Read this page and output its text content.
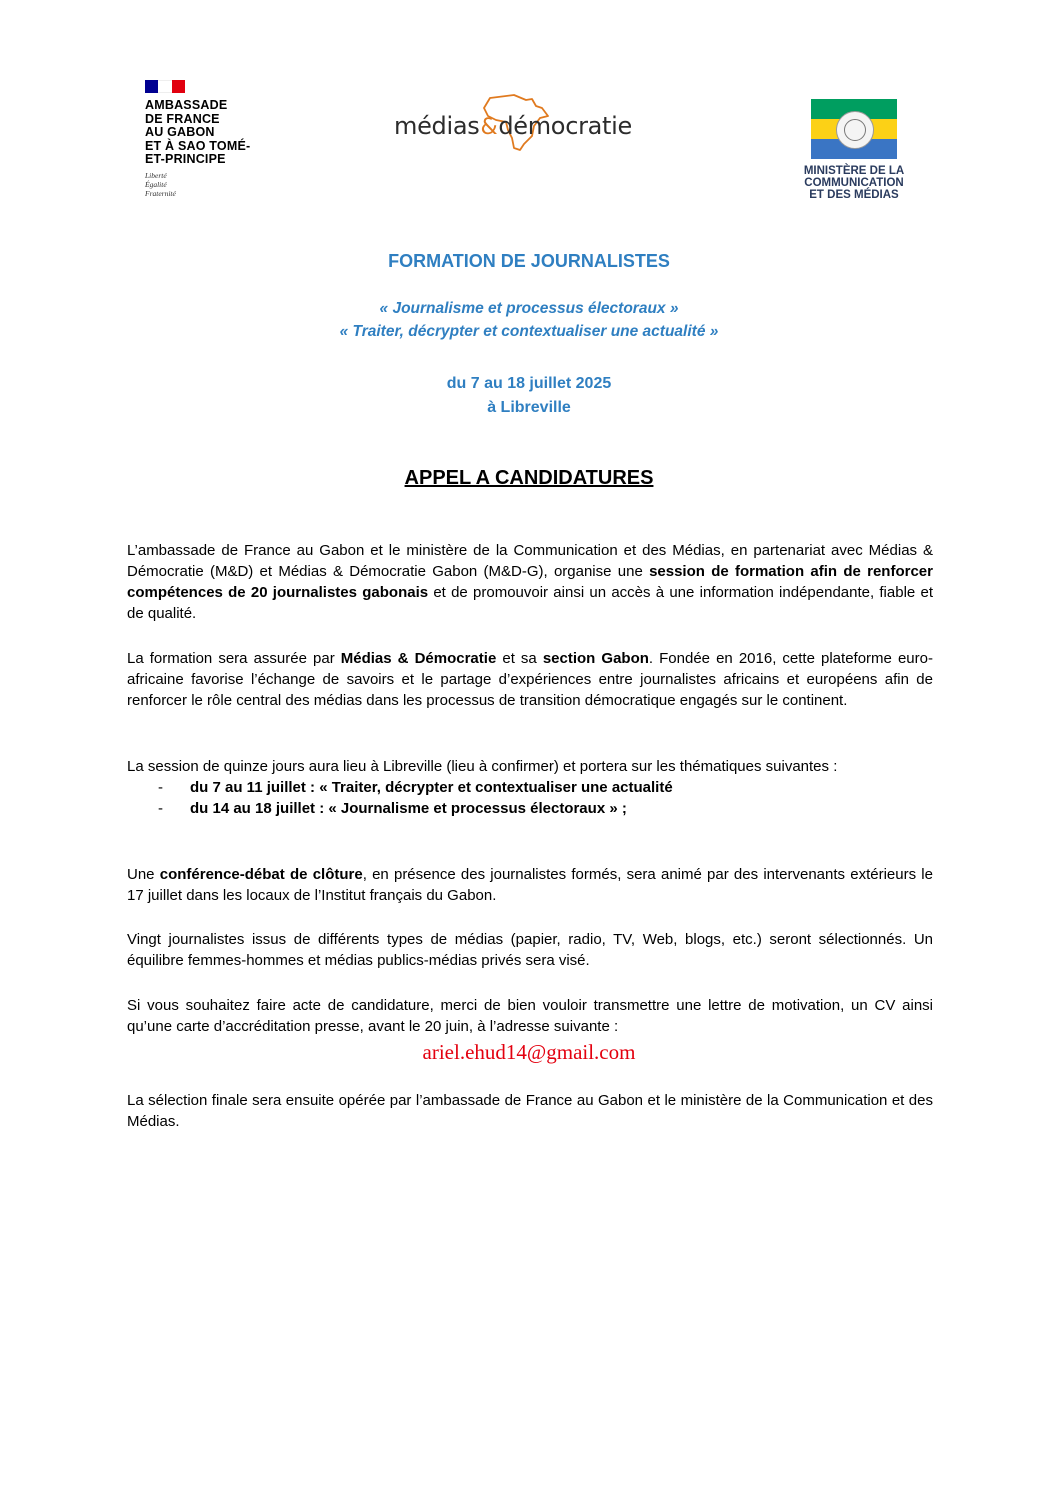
AMBASSADE
DE FRANCE
AU GABON
ET À SAO TOMÉ-
ET-PRINCIPE
Liberté
Égalité
Fraternité
médias&démocratie
MINISTÈRE DE LA
COMMUNICATION
ET DES MÉDIAS
FORMATION DE JOURNALISTES
« Journalisme et processus électoraux »
« Traiter, décrypter et contextualiser une actualité »
du 7 au 18 juillet 2025
à Libreville
APPEL A CANDIDATURES
L’ambassade de France au Gabon et le ministère de la Communication et des Médias, en partenariat avec Médias & Démocratie (M&D) et Médias & Démocratie Gabon (M&D-G), organise une session de formation afin de renforcer compétences de 20 journalistes gabonais et de promouvoir ainsi un accès à une information indépendante, fiable et de qualité.
La formation sera assurée par Médias & Démocratie et sa section Gabon. Fondée en 2016, cette plateforme euro-africaine favorise l’échange de savoirs et le partage d’expériences entre journalistes africains et européens afin de renforcer le rôle central des médias dans les processus de transition démocratique engagés sur le continent.
La session de quinze jours aura lieu à Libreville (lieu à confirmer) et portera sur les thématiques suivantes :
- du 7 au 11 juillet : « Traiter, décrypter et contextualiser une actualité
- du 14 au 18 juillet : « Journalisme et processus électoraux » ;
Une conférence-débat de clôture, en présence des journalistes formés, sera animé par des intervenants extérieurs le 17 juillet dans les locaux de l’Institut français du Gabon.
Vingt journalistes issus de différents types de médias (papier, radio, TV, Web, blogs, etc.) seront sélectionnés. Un équilibre femmes-hommes et médias publics-médias privés sera visé.
Si vous souhaitez faire acte de candidature, merci de bien vouloir transmettre une lettre de motivation, un CV ainsi qu’une carte d’accréditation presse, avant le 20 juin, à l’adresse suivante :
ariel.ehud14@gmail.com
La sélection finale sera ensuite opérée par l’ambassade de France au Gabon et le ministère de la Communication et des Médias.
